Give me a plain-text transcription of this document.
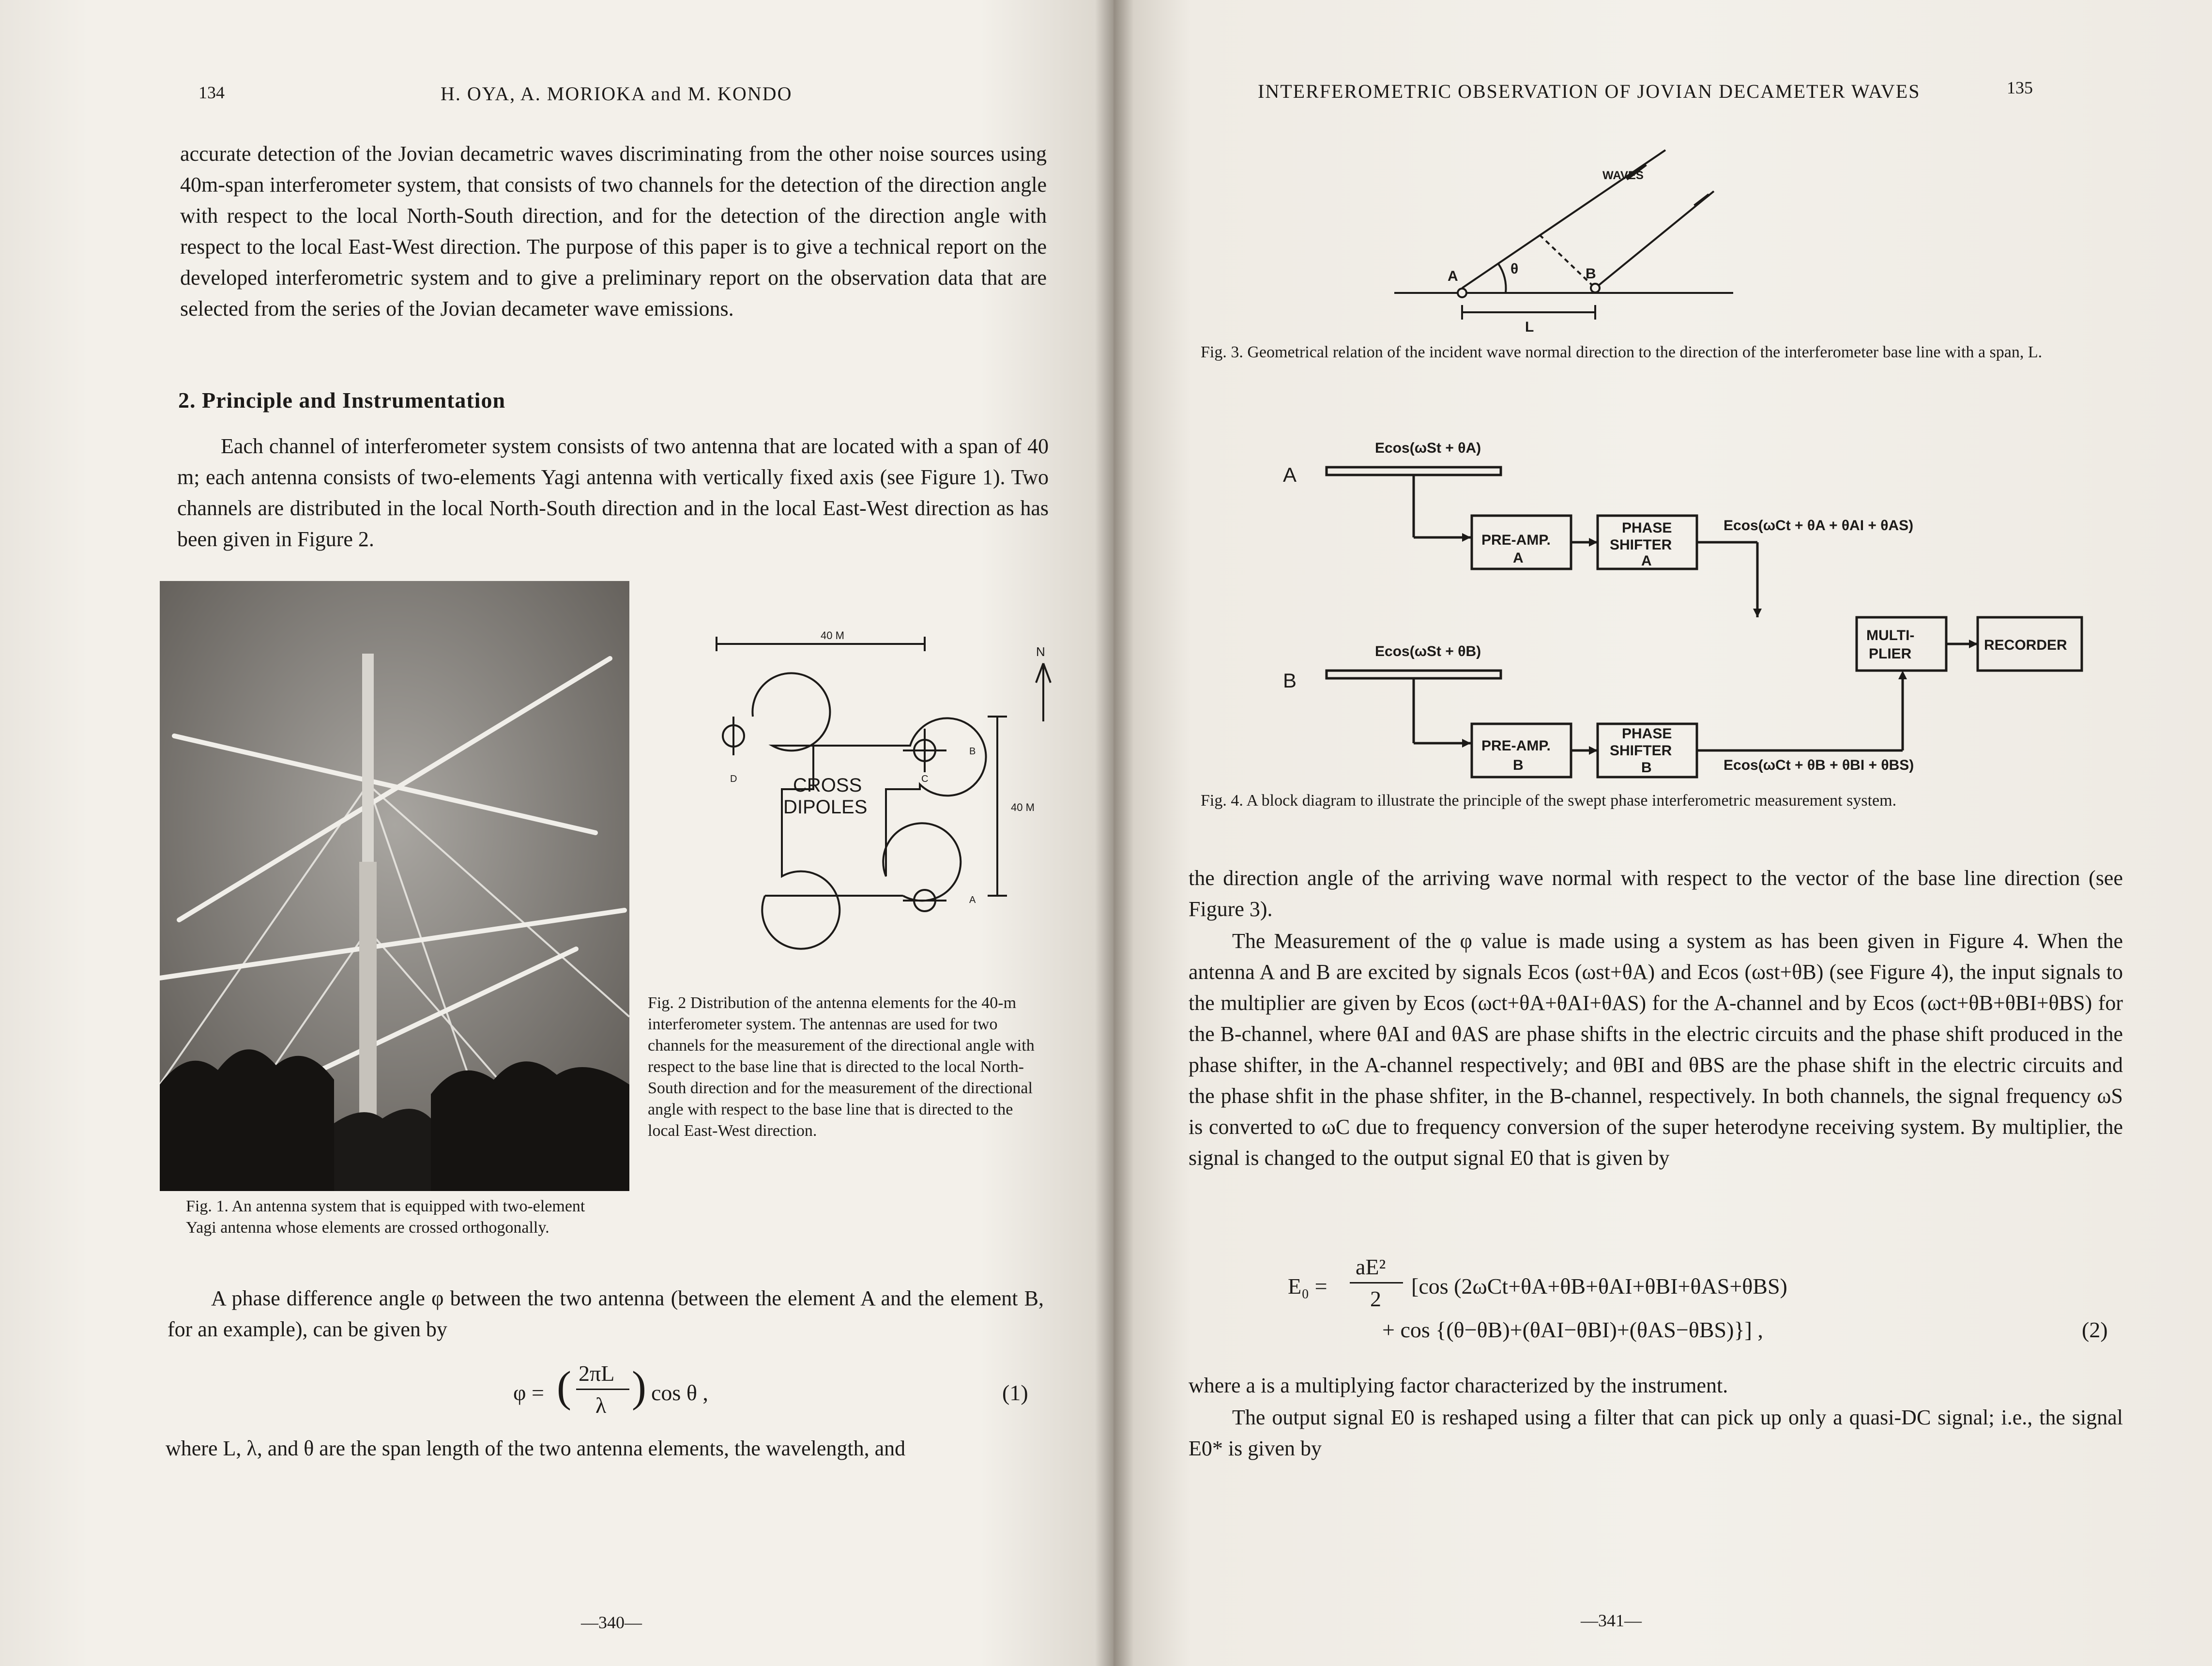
134	H. OYA, A. MORIOKA and M. KONDO
accurate detection of the Jovian decametric waves discriminating from the other noise sources using 40m-span interferometer system, that consists of two channels for the detection of the direction angle with respect to the local North-South direction, and for the detection of the direction angle with respect to the local East-West direction. The purpose of this paper is to give a technical report on the developed interferometric system and to give a preliminary report on the observation data that are selected from the series of the Jovian decameter wave emissions.
2. Principle and Instrumentation
Each channel of interferometer system consists of two antenna that are located with a span of 40 m; each antenna consists of two-elements Yagi antenna with vertically fixed axis (see Figure 1). Two channels are distributed in the local North-South direction and in the local East-West direction as has been given in Figure 2.
Fig. 1. An antenna system that is equipped with two-element Yagi antenna whose elements are crossed orthogonally.
40 M
40 M
N
CROSS
DIPOLES
A
B
C
D
Fig. 2 Distribution of the antenna elements for the 40-m interferometer system. The antennas are used for two channels for the measurement of the directional angle with respect to the base line that is directed to the local North-South direction and for the measurement of the directional angle with respect to the base line that is directed to the local East-West direction.
A phase difference angle φ between the two antenna (between the element A and the element B, for an example), can be given by
φ = ( 2πL
λ ) cos θ ,	(1)
where L, λ, and θ are the span length of the two antenna elements, the wavelength, and
—340—
INTERFEROMETRIC OBSERVATION OF JOVIAN DECAMETER WAVES	135
WAVES
A	B
θ
L
Fig. 3. Geometrical relation of the incident wave normal direction to the direction of the interferometer base line with a span, L.
A
B
Ecos(ωSt + θA)
Ecos(ωSt + θB)
PRE-AMP.
A
PHASE
SHIFTER
A
PRE-AMP.
B
PHASE
SHIFTER
B
Ecos(ωCt + θA + θAI + θAS)
Ecos(ωCt + θB + θBI + θBS)
MULTI-
PLIER
RECORDER
Fig. 4. A block diagram to illustrate the principle of the swept phase interferometric measurement system.
the direction angle of the arriving wave normal with respect to the vector of the base line direction (see Figure 3).
The Measurement of the φ value is made using a system as has been given in Figure 4. When the antenna A and B are excited by signals Ecos (ωst+θA) and Ecos (ωst+θB) (see Figure 4), the input signals to the multiplier are given by Ecos (ωct+θA+θAI+θAS) for the A-channel and by Ecos (ωct+θB+θBI+θBS) for the B-channel, where θAI and θAS are phase shifts in the electric circuits and the phase shift produced in the phase shifter, in the A-channel respectively; and θBI and θBS are the phase shift in the electric circuits and the phase shfit in the phase shfiter, in the B-channel, respectively. In both channels, the signal frequency ωS is converted to ωC due to frequency conversion of the super heterodyne receiving system. By multiplier, the signal is changed to the output signal E0 that is given by
E₀ =
aE²
2
[cos (2ωCt+θA+θB+θAI+θBI+θAS+θBS)
+ cos {(θ−θB)+(θAI−θBI)+(θAS−θBS)}] ,	(2)
where a is a multiplying factor characterized by the instrument.
The output signal E0 is reshaped using a filter that can pick up only a quasi-DC signal; i.e., the signal E0* is given by
—341—
